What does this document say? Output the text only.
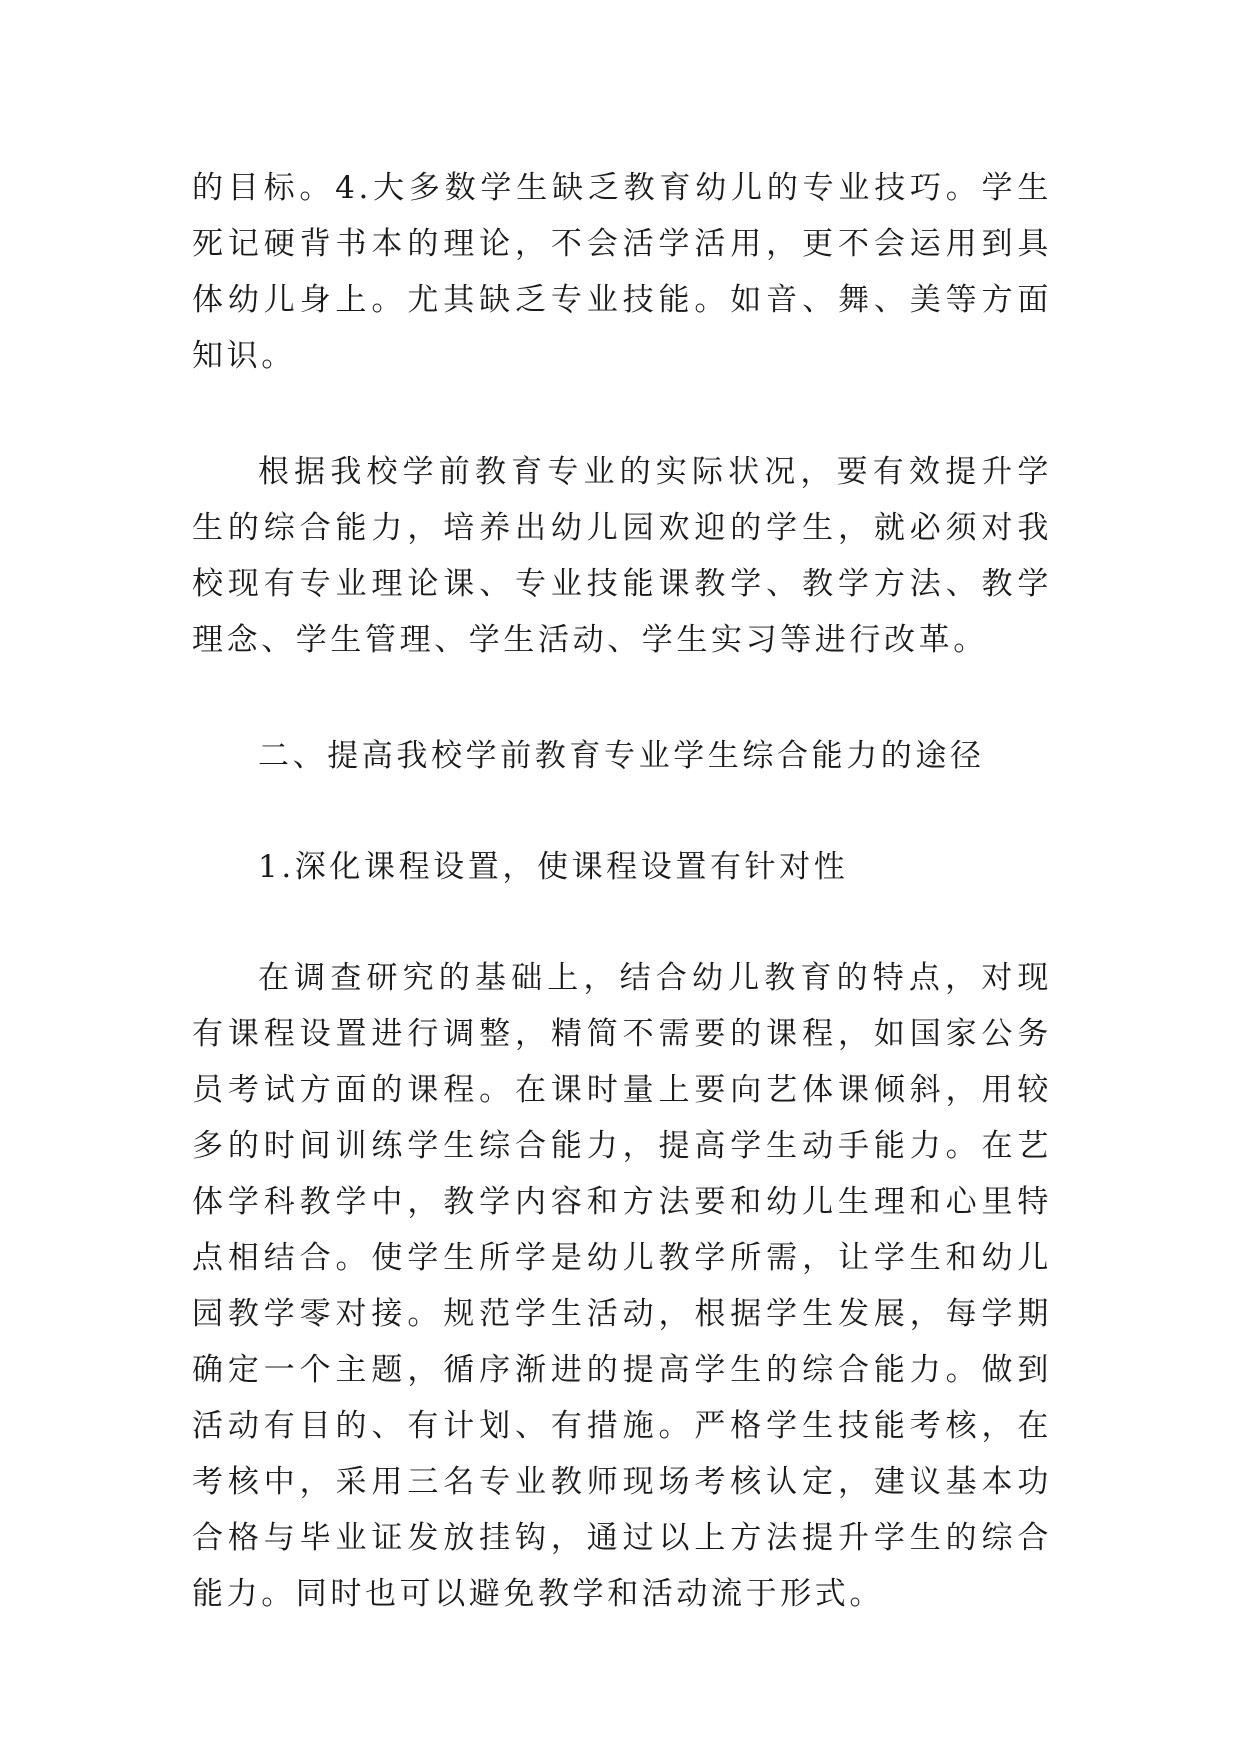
的目标。4.大多数学生缺乏教育幼儿的专业技巧。学生死记硬背书本的理论，不会活学活用，更不会运用到具体幼儿身上。尤其缺乏专业技能。如音、舞、美等方面知识。

根据我校学前教育专业的实际状况，要有效提升学生的综合能力，培养出幼儿园欢迎的学生，就必须对我校现有专业理论课、专业技能课教学、教学方法、教学理念、学生管理、学生活动、学生实习等进行改革。

二、提高我校学前教育专业学生综合能力的途径

1.深化课程设置，使课程设置有针对性

在调查研究的基础上，结合幼儿教育的特点，对现有课程设置进行调整，精简不需要的课程，如国家公务员考试方面的课程。在课时量上要向艺体课倾斜，用较多的时间训练学生综合能力，提高学生动手能力。在艺体学科教学中，教学内容和方法要和幼儿生理和心里特点相结合。使学生所学是幼儿教学所需，让学生和幼儿园教学零对接。规范学生活动，根据学生发展，每学期确定一个主题，循序渐进的提高学生的综合能力。做到活动有目的、有计划、有措施。严格学生技能考核，在考核中，采用三名专业教师现场考核认定，建议基本功合格与毕业证发放挂钩，通过以上方法提升学生的综合能力。同时也可以避免教学和活动流于形式。
